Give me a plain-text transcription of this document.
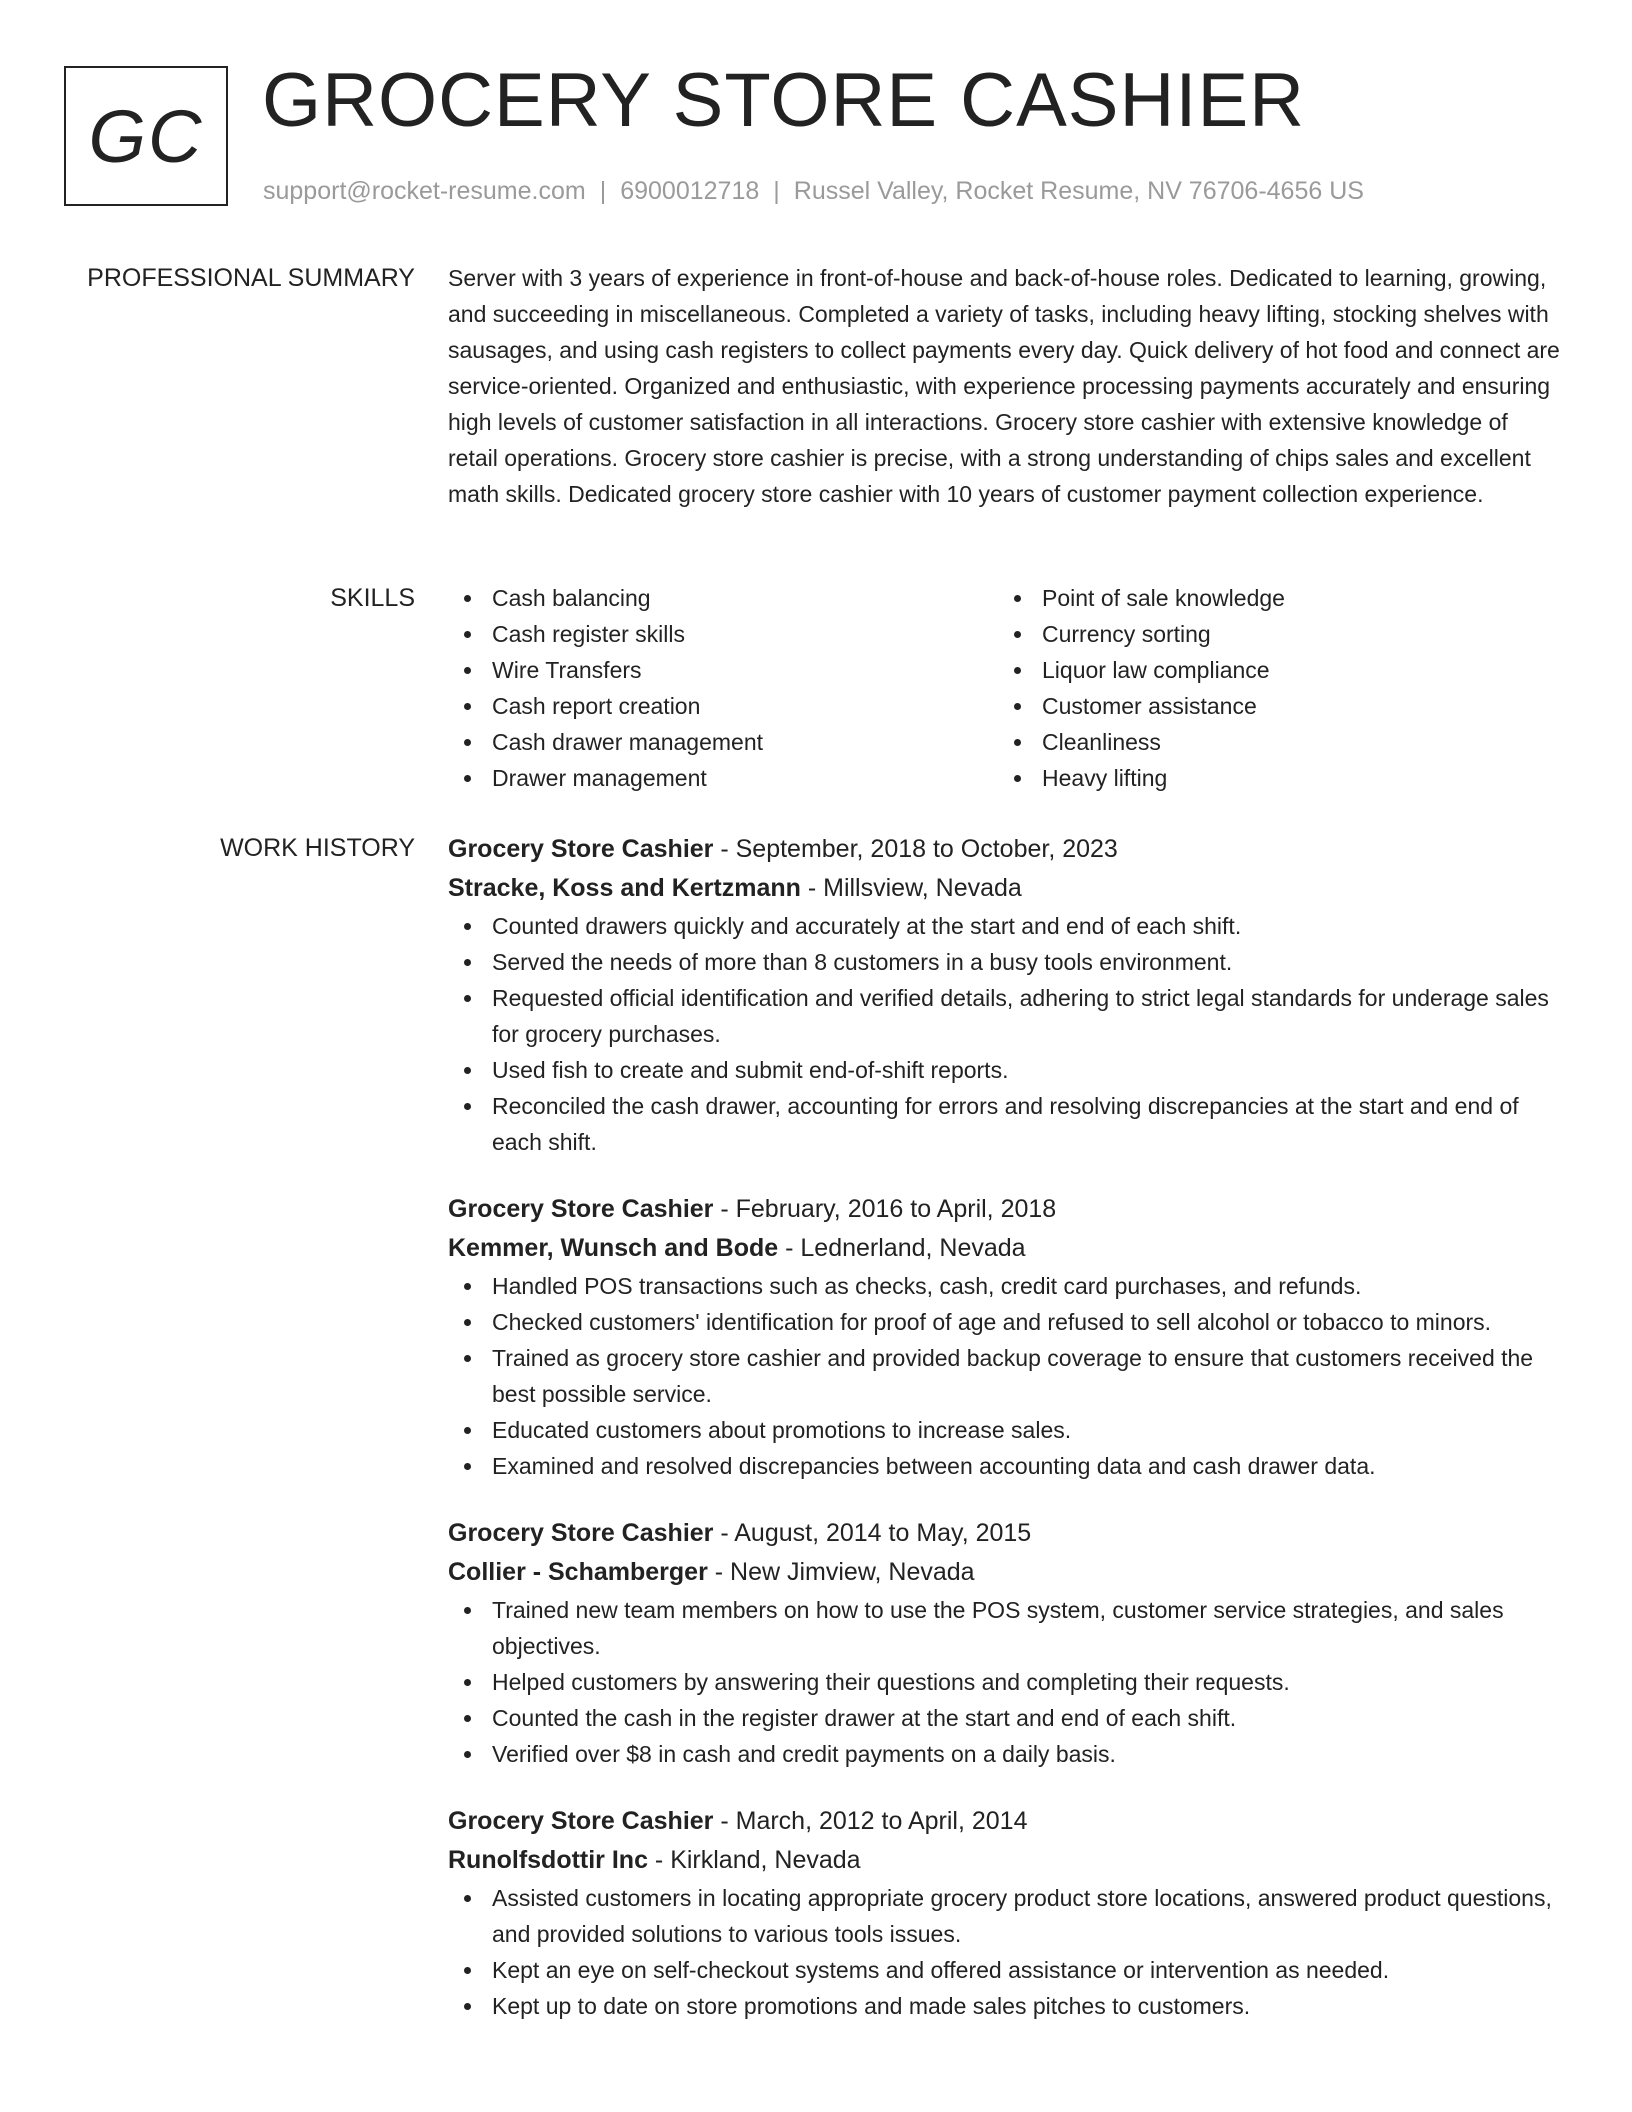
GC GROCERY STORE CASHIER
support@rocket-resume.com | 6900012718 | Russel Valley, Rocket Resume, NV 76706-4656 US
PROFESSIONAL SUMMARY Server with 3 years of experience in front-of-house and back-of-house roles. Dedicated to learning, growing, and succeeding in miscellaneous. Completed a variety of tasks, including heavy lifting, stocking shelves with sausages, and using cash registers to collect payments every day. Quick delivery of hot food and connect are service-oriented. Organized and enthusiastic, with experience processing payments accurately and ensuring high levels of customer satisfaction in all interactions. Grocery store cashier with extensive knowledge of retail operations. Grocery store cashier is precise, with a strong understanding of chips sales and excellent math skills. Dedicated grocery store cashier with 10 years of customer payment collection experience.

SKILLS	Cash balancing
Cash register skills
Wire Transfers
Cash report creation
Cash drawer management
Drawer management
Point of sale knowledge
Currency sorting
Liquor law compliance
Customer assistance
Cleanliness
Heavy lifting
WORK HISTORY Grocery Store Cashier - September, 2018 to October, 2023
Stracke, Koss and Kertzmann - Millsview, Nevada
Counted drawers quickly and accurately at the start and end of each shift.
Served the needs of more than 8 customers in a busy tools environment.
Requested official identification and verified details, adhering to strict legal standards for underage sales for grocery purchases.
Used fish to create and submit end-of-shift reports.
Reconciled the cash drawer, accounting for errors and resolving discrepancies at the start and end of each shift.
Grocery Store Cashier - February, 2016 to April, 2018
Kemmer, Wunsch and Bode - Lednerland, Nevada
Handled POS transactions such as checks, cash, credit card purchases, and refunds.
Checked customers' identification for proof of age and refused to sell alcohol or tobacco to minors.
Trained as grocery store cashier and provided backup coverage to ensure that customers received the best possible service.
Educated customers about promotions to increase sales.
Examined and resolved discrepancies between accounting data and cash drawer data.
Grocery Store Cashier - August, 2014 to May, 2015
Collier - Schamberger - New Jimview, Nevada
Trained new team members on how to use the POS system, customer service strategies, and sales objectives.
Helped customers by answering their questions and completing their requests.
Counted the cash in the register drawer at the start and end of each shift.
Verified over $8 in cash and credit payments on a daily basis.
Grocery Store Cashier - March, 2012 to April, 2014
Runolfsdottir Inc - Kirkland, Nevada
Assisted customers in locating appropriate grocery product store locations, answered product questions, and provided solutions to various tools issues.
Kept an eye on self-checkout systems and offered assistance or intervention as needed.
Kept up to date on store promotions and made sales pitches to customers.
